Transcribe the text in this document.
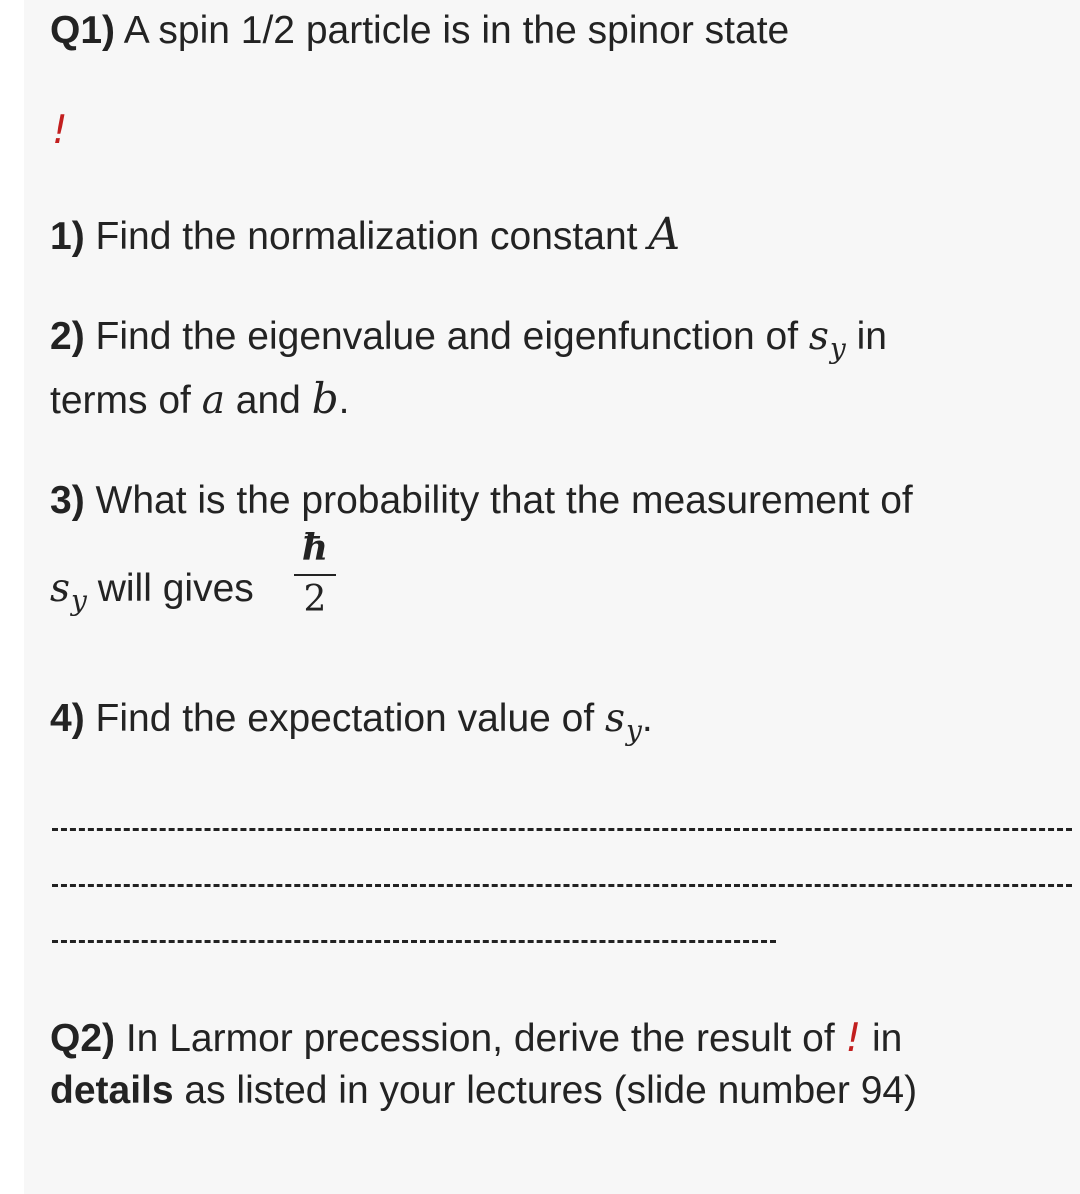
Q1) A spin 1/2 particle is in the spinor state
!
1) Find the normalization constant A
2) Find the eigenvalue and eigenfunction of $s_y$ in
terms of a and b.
3) What is the probability that the measurement of
$s_y$ will gives
ħ
2
4) Find the expectation value of $s_y$.
Q2) In Larmor precession, derive the result of ! in
details as listed in your lectures (slide number 94)
